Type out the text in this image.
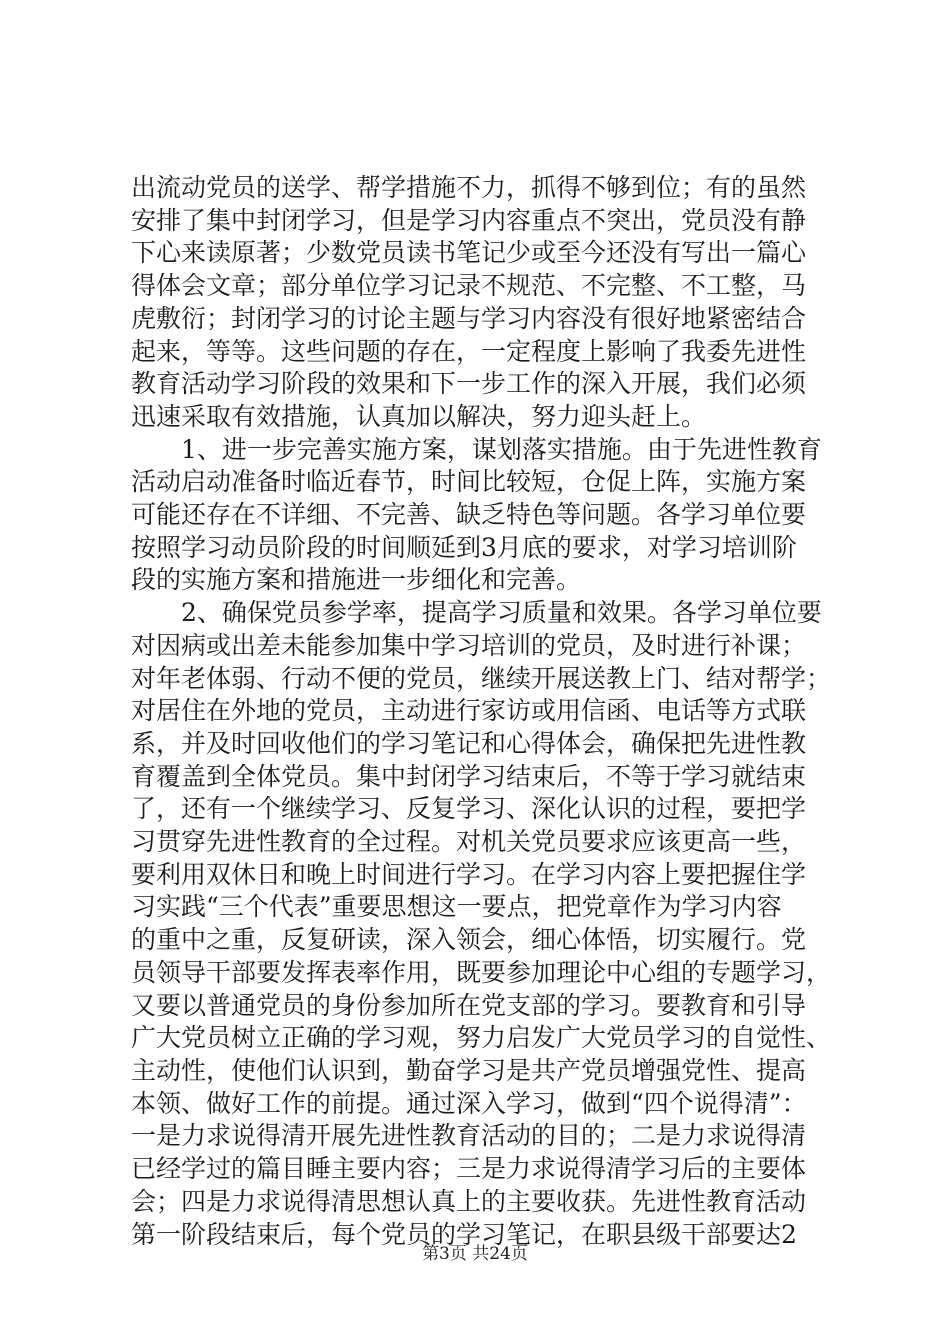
出流动党员的送学、帮学措施不力，抓得不够到位；有的虽然
安排了集中封闭学习，但是学习内容重点不突出，党员没有静
下心来读原著；少数党员读书笔记少或至今还没有写出一篇心
得体会文章；部分单位学习记录不规范、不完整、不工整，马
虎敷衍；封闭学习的讨论主题与学习内容没有很好地紧密结合
起来，等等。这些问题的存在，一定程度上影响了我委先进性
教育活动学习阶段的效果和下一步工作的深入开展，我们必须
迅速采取有效措施，认真加以解决，努力迎头赶上。

1、进一步完善实施方案，谋划落实措施。由于先进性教育
活动启动准备时临近春节，时间比较短，仓促上阵，实施方案
可能还存在不详细、不完善、缺乏特色等问题。各学习单位要
按照学习动员阶段的时间顺延到3月底的要求，对学习培训阶
段的实施方案和措施进一步细化和完善。

2、确保党员参学率，提高学习质量和效果。各学习单位要
对因病或出差未能参加集中学习培训的党员，及时进行补课；
对年老体弱、行动不便的党员，继续开展送教上门、结对帮学；
对居住在外地的党员，主动进行家访或用信函、电话等方式联
系，并及时回收他们的学习笔记和心得体会，确保把先进性教
育覆盖到全体党员。集中封闭学习结束后，不等于学习就结束
了，还有一个继续学习、反复学习、深化认识的过程，要把学
习贯穿先进性教育的全过程。对机关党员要求应该更高一些，
要利用双休日和晚上时间进行学习。在学习内容上要把握住学
习实践“三个代表”重要思想这一要点，把党章作为学习内容
的重中之重，反复研读，深入领会，细心体悟，切实履行。党
员领导干部要发挥表率作用，既要参加理论中心组的专题学习，
又要以普通党员的身份参加所在党支部的学习。要教育和引导
广大党员树立正确的学习观，努力启发广大党员学习的自觉性、
主动性，使他们认识到，勤奋学习是共产党员增强党性、提高
本领、做好工作的前提。通过深入学习，做到“四个说得清”：
一是力求说得清开展先进性教育活动的目的；二是力求说得清
已经学过的篇目睡主要内容；三是力求说得清学习后的主要体
会；四是力求说得清思想认真上的主要收获。先进性教育活动
第一阶段结束后，每个党员的学习笔记，在职县级干部要达2

第3页 共24页
